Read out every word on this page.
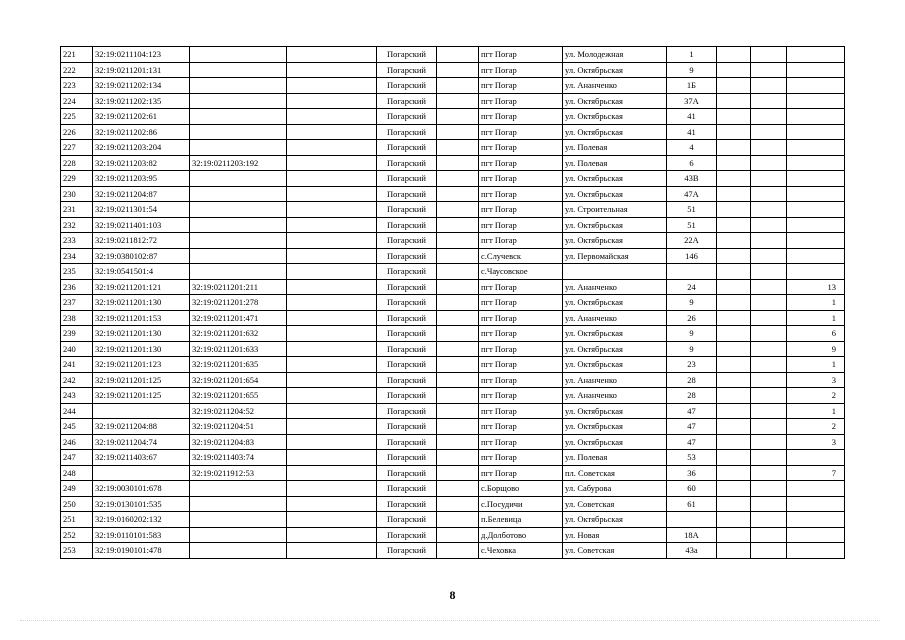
221	32:19:0211104:123			Погарский		пгт Погар	ул. Молодежная	1			
222	32:19:0211201:131			Погарский		пгт Погар	ул. Октябрьская	9			
223	32:19:0211202:134			Погарский		пгт Погар	ул. Ананченко	1Б			
224	32:19:0211202:135			Погарский		пгт Погар	ул. Октябрьская	37А			
225	32:19:0211202:61			Погарский		пгт Погар	ул. Октябрьская	41			
226	32:19:0211202:86			Погарский		пгт Погар	ул. Октябрьская	41			
227	32:19:0211203:204			Погарский		пгт Погар	ул. Полевая	4			
228	32:19:0211203:82	32:19:0211203:192		Погарский		пгт Погар	ул. Полевая	6			
229	32:19:0211203:95			Погарский		пгт Погар	ул. Октябрьская	43В			
230	32:19:0211204:87			Погарский		пгт Погар	ул. Октябрьская	47А			
231	32:19:0211301:54			Погарский		пгт Погар	ул. Строительная	51			
232	32:19:0211401:103			Погарский		пгт Погар	ул. Октябрьская	51			
233	32:19:0211812:72			Погарский		пгт Погар	ул. Октябрьская	22А			
234	32:19:0380102:87			Погарский		с.Случевск	ул. Первомайская	146			
235	32:19:0541501:4			Погарский		с.Чаусовское					
236	32:19:0211201:121	32:19:0211201:211		Погарский		пгт Погар	ул. Ананченко	24			13
237	32:19:0211201:130	32:19:0211201:278		Погарский		пгт Погар	ул. Октябрьская	9			1
238	32:19:0211201:153	32:19:0211201:471		Погарский		пгт Погар	ул. Ананченко	26			1
239	32:19:0211201:130	32:19:0211201:632		Погарский		пгт Погар	ул. Октябрьская	9			6
240	32:19:0211201:130	32:19:0211201:633		Погарский		пгт Погар	ул. Октябрьская	9			9
241	32:19:0211201:123	32:19:0211201:635		Погарский		пгт Погар	ул. Октябрьская	23			1
242	32:19:0211201:125	32:19:0211201:654		Погарский		пгт Погар	ул. Ананченко	28			3
243	32:19:0211201:125	32:19:0211201:655		Погарский		пгт Погар	ул. Ананченко	28			2
244		32:19:0211204:52		Погарский		пгт Погар	ул. Октябрьская	47			1
245	32:19:0211204:88	32:19:0211204:51		Погарский		пгт Погар	ул. Октябрьская	47			2
246	32:19:0211204:74	32:19:0211204:83		Погарский		пгт Погар	ул. Октябрьская	47			3
247	32:19:0211403:67	32:19:0211403:74		Погарский		пгт Погар	ул. Полевая	53			
248		32:19:0211912:53		Погарский		пгт Погар	пл. Советская	36			7
249	32:19:0030101:678			Погарский		с.Борщово	ул. Сабурова	60			
250	32:19:0130101:535			Погарский		с.Посудичи	ул. Советская	61			
251	32:19:0160202:132			Погарский		п.Белевица	ул. Октябрьская				
252	32:19:0110101:583			Погарский		д.Долботово	ул. Новая	18А			
253	32:19:0190101:478			Погарский		с.Чеховка	ул. Советская	43а			
8
